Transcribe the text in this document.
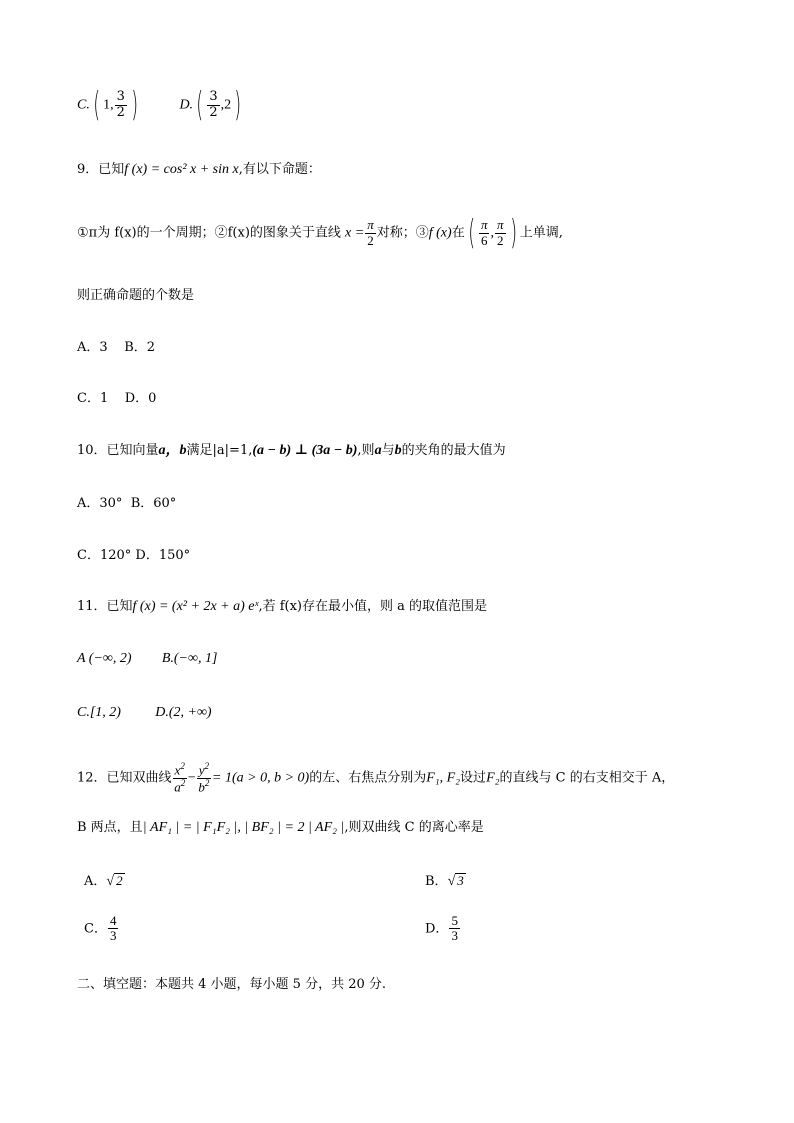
C.( 1, $\frac{3}{2}$ )	$D.( \frac{3}{2} ,2)$
9．已知f (x) = cos² x + sin x,有以下命题：
①π为 f(x)的一个周期；②f(x)的图象关于直线 $x = \frac{\pi}{2}$ 对称；③f (x)在( $\frac{\pi}{6}$ , $\frac{\pi}{2}$ ) 上单调,
则正确命题的个数是
A．3    B．2
C．1    D．0
10．已知向量a，b满足|a|=1,(a − b) ⊥ (3a − b),则a与b的夹角的最大值为
A．30°  B．60°
C．120° D．150°
11．已知f (x) = (x² + 2x + a) eˣ,若 f(x)存在最小值，则 a 的取值范围是
A (−∞, 2) B.(−∞, 1]
C.[1, 2) D.(2, +∞)
12．已知双曲线 $\frac{x^2}{a^2} - \frac{y^2}{b^2} = 1(a > 0$, b > 0)的左、右焦点分别为F₁, F₂设过F₂的直线与 C 的右支相交于 A，
B 两点，且| AF₁ | = | F₁F₂ |, | BF₂ | = 2 | AF₂ |,则双曲线 C 的离心率是
A．√ 2	B．√ 3
C． $\frac{4}{3}$	D． $\frac{5}{3}$
二、填空题：本题共 4 小题，每小题 5 分，共 20 分.
